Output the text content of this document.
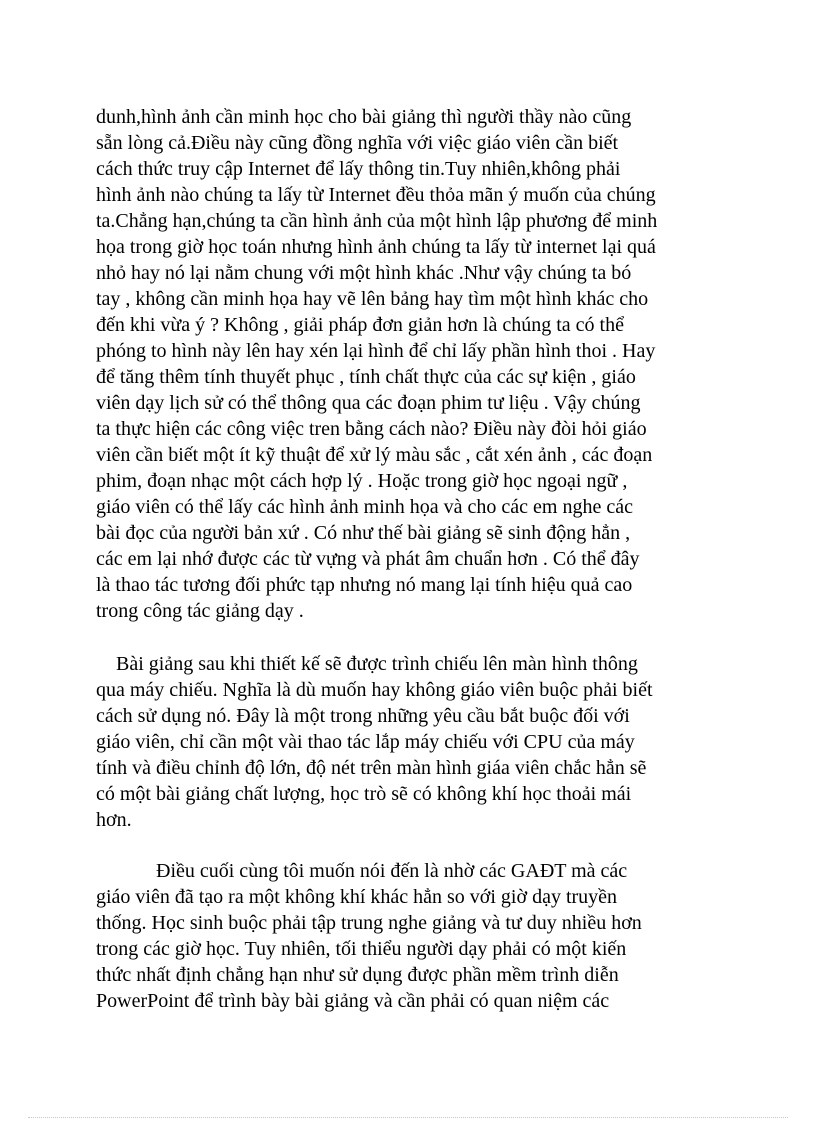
dunh,hình ảnh cần minh học cho bài giảng thì người thầy nào cũng

sẵn lòng cả.Điều này cũng đồng nghĩa với việc giáo viên cần biết

cách thức truy cập Internet để lấy thông tin.Tuy nhiên,không phải

hình ảnh nào chúng ta lấy từ Internet đều thỏa mãn ý muốn của chúng

ta.Chẳng hạn,chúng ta cần hình ảnh của một hình lập phương để minh

họa trong giờ học toán nhưng hình ảnh chúng ta lấy từ internet lại quá

nhỏ hay nó lại nằm chung với một hình khác .Như vậy chúng ta bó

tay , không cần minh họa hay vẽ lên bảng hay tìm một hình khác cho

đến khi vừa ý ? Không , giải pháp đơn giản hơn là chúng ta có thể

phóng to hình này lên hay xén lại hình để chỉ lấy phần hình thoi . Hay

để tăng thêm tính thuyết phục , tính chất thực của các sự kiện , giáo

viên dạy lịch sử có thể thông qua các đoạn phim tư liệu . Vậy chúng

ta thực hiện các công việc tren bằng cách nào? Điều này đòi hỏi giáo

viên cần biết một ít kỹ thuật để xử lý màu sắc , cắt xén ảnh , các đoạn

phim, đoạn nhạc một cách hợp lý . Hoặc trong giờ học ngoại ngữ ,

giáo viên có thể lấy các hình ảnh minh họa và cho các em nghe các

bài đọc của người bản xứ . Có như thế bài giảng sẽ sinh động hẳn ,

các em lại nhớ được các từ vựng và phát âm chuẩn hơn . Có thể đây

là thao tác tương đối phức tạp nhưng nó mang lại tính hiệu quả cao

trong công tác giảng dạy .

Bài giảng sau khi thiết kế sẽ được trình chiếu lên màn hình thông

qua máy chiếu. Nghĩa là dù muốn hay không giáo viên buộc phải biết

cách sử dụng nó. Đây là một trong những yêu cầu bắt buộc đối với

giáo viên, chỉ cần một vài thao tác lắp máy chiếu với CPU của máy

tính và điều chỉnh độ lớn, độ nét trên màn hình giáa viên chắc hẳn sẽ

có một bài giảng chất lượng, học trò sẽ có không khí học thoải mái

hơn.

Điều cuối cùng tôi muốn nói đến là nhờ các GAĐT mà các

giáo viên đã tạo ra một không khí khác hẳn so với giờ dạy truyền

thống. Học sinh buộc phải tập trung nghe giảng và tư duy nhiều hơn

trong các giờ học. Tuy nhiên, tối thiểu người dạy phải có một kiến

thức nhất định chẳng hạn như sử dụng được phần mềm trình diễn

PowerPoint để trình bày bài giảng và cần phải có quan niệm các
